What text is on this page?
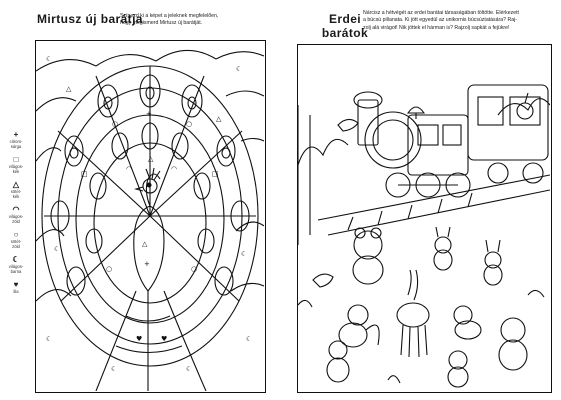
Mirtusz új barátja
Színezd ki a képet a jeleknek megfelelően,
hogy megismerd Mirtusz új barátját.
+
citrom-
sárga
□
világos-
kék
△
sötét-
kék
◠
világos-
zöld
○
sötét-
zöld
☾
világos-
barna
♥
lila
☾
☾
△
△
+
○	○
□	□
△
◠	◠
☾
☾
△
+
○	○
♥	♥
☾	☾
☾	☾
Erdei
barátok
Nárcisz a hétvégét az erdei barátai társaságában töltötte. Elérkezett
a búcsú pillanata. Ki jött egyedül az unikornis búcsúztatására? Raj-
zolj alá virágot! Nik jöttek el hárman is? Rajzolj sapkát a fejükre!
